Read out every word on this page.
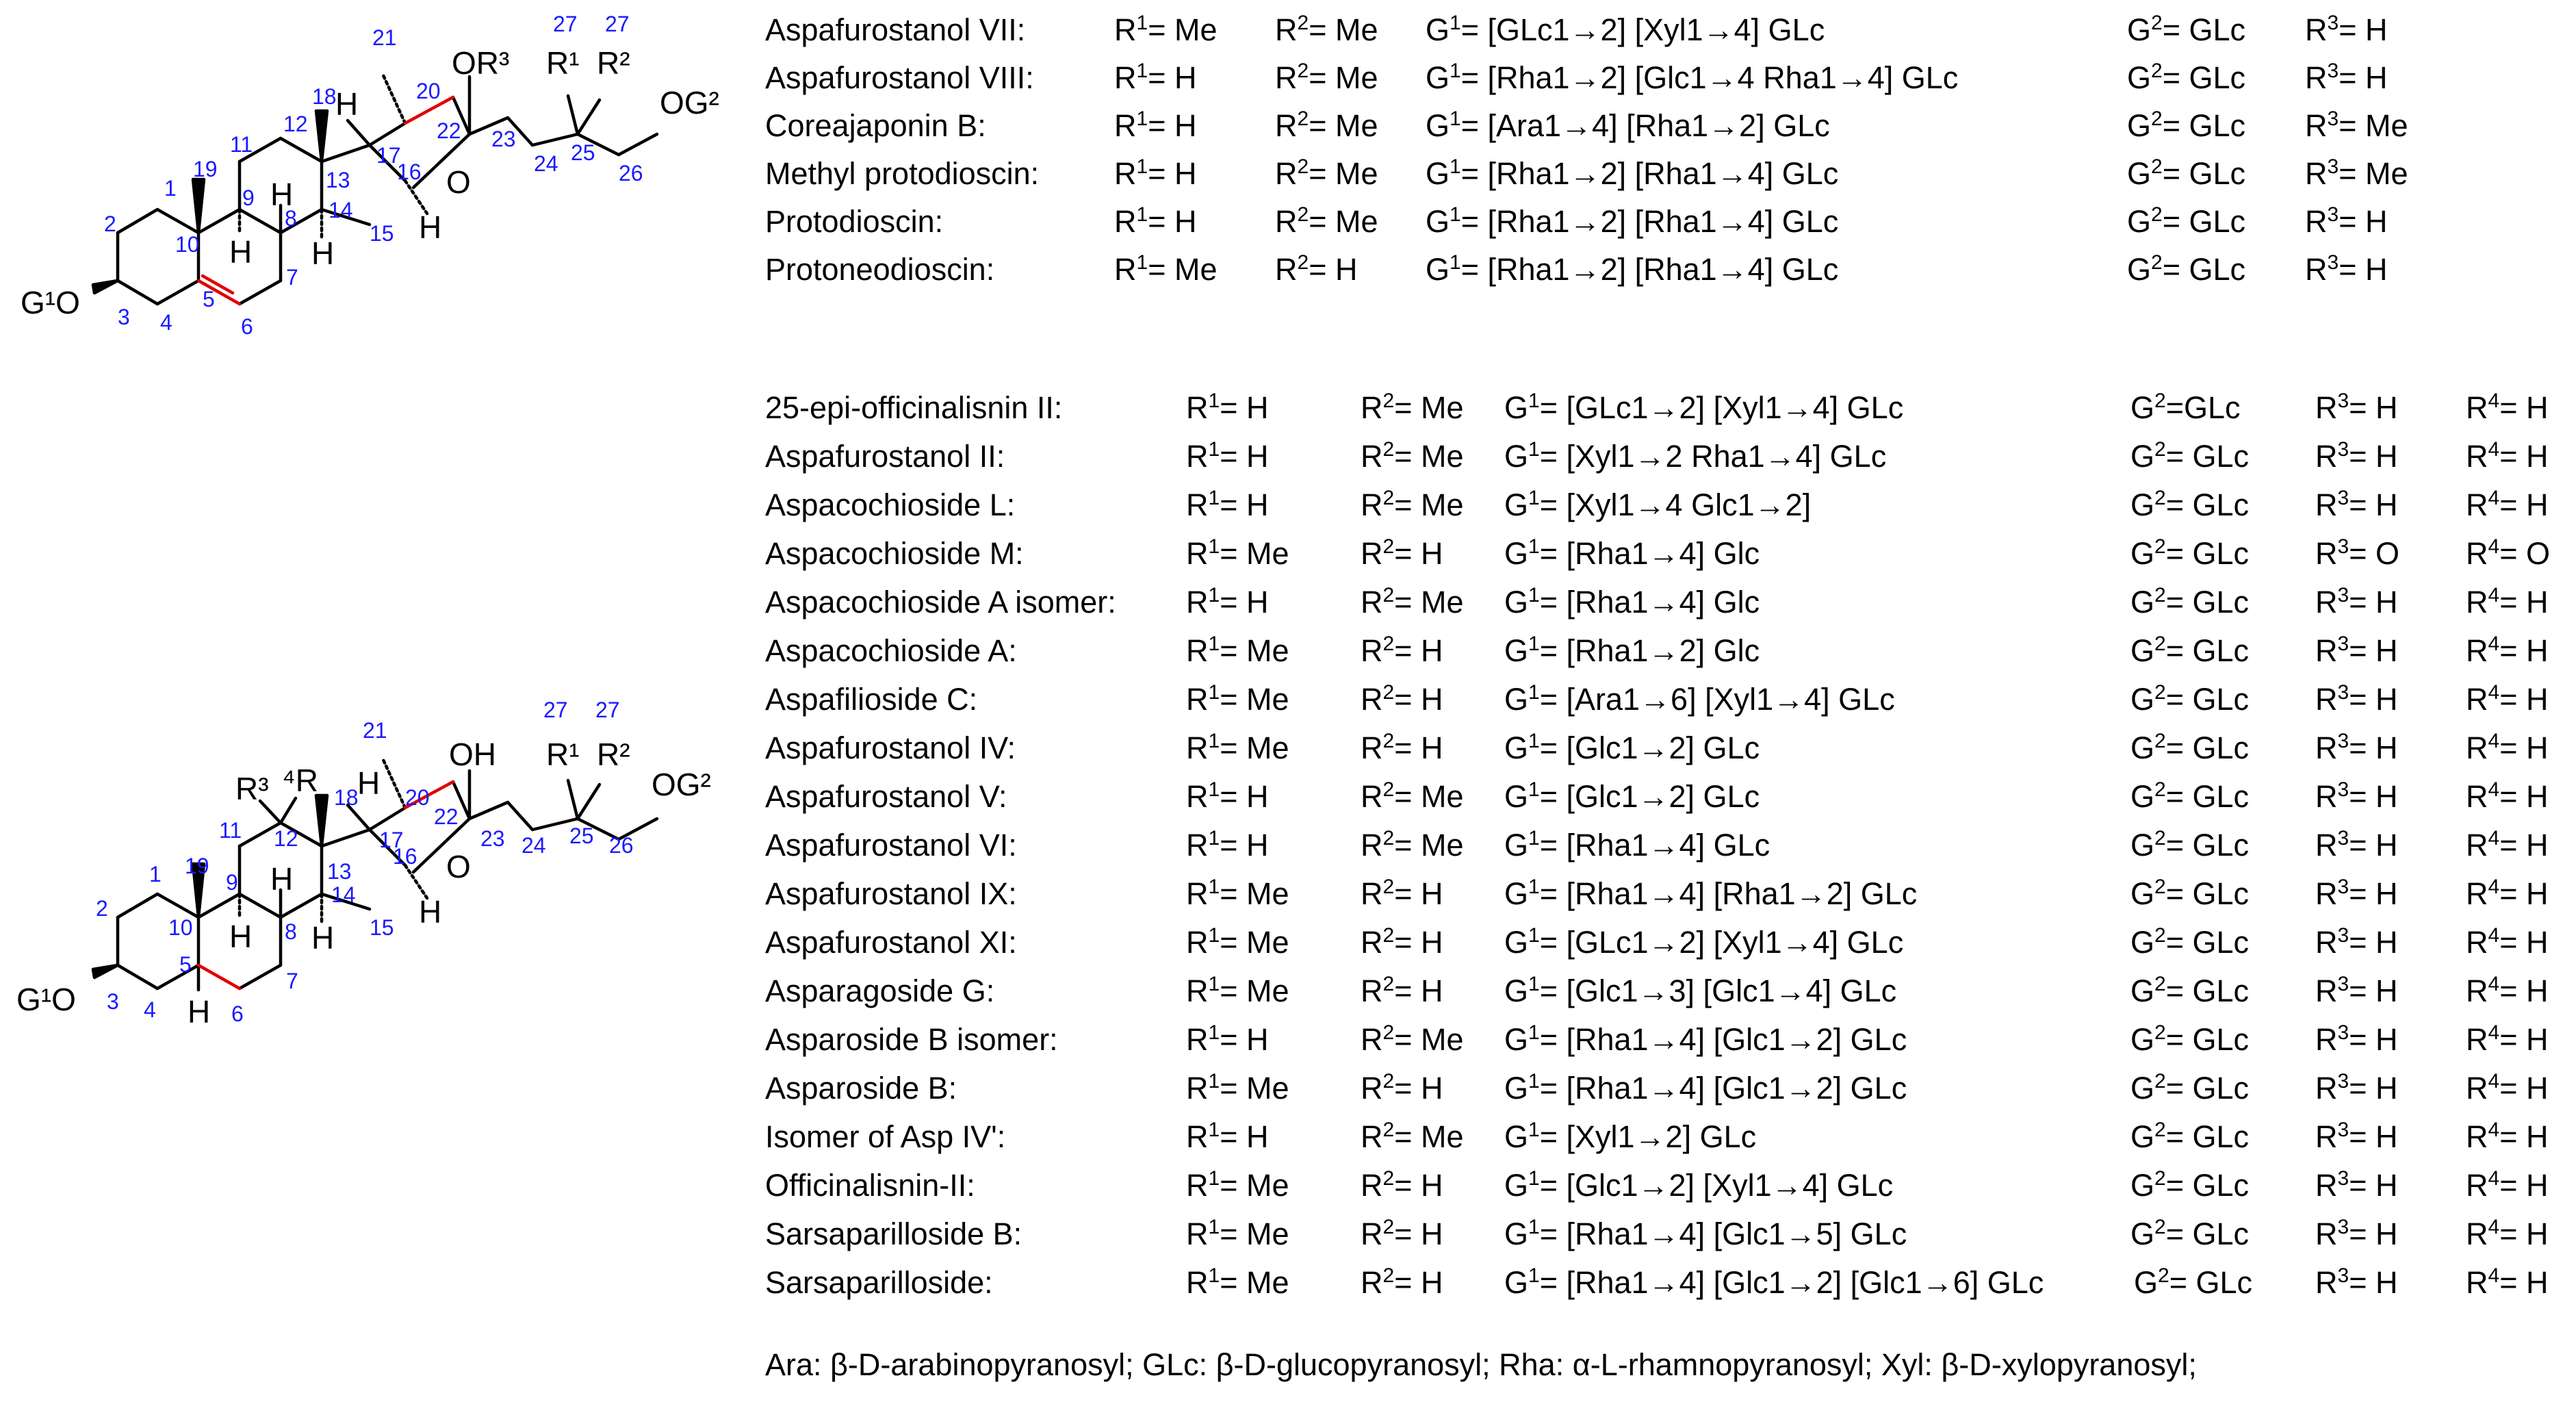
G¹O
H
H
H
H
H
O
OR³ R¹ R²
OG²
1
2
3 4
5
6
7
8
9
10
11
12
13
14
15
16
17
18
19
20
21
22 23
24 25
26
27 27
G¹O	H
H
H
H
H
H
O
OH
R³ ⁴R
R¹ R²
OG²
1
2
3 4
5
6
7
8
9
10
11 12
13
14
15
16
17
18
19
20
21
22
23 24 25 26
27 27
Aspafurostanol VII:	$R^1= Me$ $R^2= Me$ $G^1= [GLc1\to 2]$ [Xyl1→4] GLc	$G^2=$ GLc $R^3= H$
Aspafurostanol VIII:	$R^1= H$	$R^2= Me$ $G^1= [Rha1\to 2]$ [Glc1→4 Rha1→4] GLc	$G^2=$ GLc $R^3= H$
Coreajaponin B:	$R^1= H$	$R^2= Me$ $G^1= [Ara1\to 4]$ [Rha1→2] GLc	$G^2=$ GLc $R^3= Me$
Methyl protodioscin: $R^1= H$	$R^2= Me$ $G^1= [Rha1\to 2]$ [Rha1→4] GLc	$G^2=$ GLc $R^3= Me$
Protodioscin:	$R^1= H$	$R^2= Me$ $G^1= [Rha1\to 2]$ [Rha1→4] GLc	$G^2=$ GLc $R^3= H$
Protoneodioscin:	$R^1= Me$ $R^2= H$ $G^1= [Rha1\to 2]$ [Rha1→4] GLc	$G^2=$ GLc $R^3= H$
25-epi-officinalisnin II:	$R^1= H$	$R^2= Me$ $G^1= [GLc1\to 2]$ [Xyl1→4] GLc	$G^2=GLc$ $R^3= H$ $R^4= H$
Aspafurostanol II:	$R^1= H$	$R^2= Me$ $G^1= [Xyl1\to 2$ Rha1→4] GLc	$G^2=$ GLc $R^3= H$ $R^4= H$
Aspacochioside L:	$R^1= H$	$R^2= Me$ $G^1= [Xyl1\to 4$ Glc1→2]	$G^2=$ GLc $R^3= H$ $R^4= H$
Aspacochioside M:	$R^1= Me$ $R^2= H$ $G^1= [Rha1\to 4]$ Glc	$G^2=$ GLc $R^3= O$ $R^4= O$
Aspacochioside A isomer: $R^1= H$	$R^2= Me$ $G^1= [Rha1\to 4]$ Glc	$G^2=$ GLc $R^3= H$ $R^4= H$
Aspacochioside A:	$R^1= Me$ $R^2= H$ $G^1= [Rha1\to 2]$ Glc	$G^2=$ GLc $R^3= H$ $R^4= H$
Aspafilioside C:	$R^1= Me$ $R^2= H$ $G^1= [Ara1\to 6]$ [Xyl1→4] GLc	$G^2=$ GLc $R^3= H$ $R^4= H$
Aspafurostanol IV:	$R^1= Me$ $R^2= H$ $G^1= [Glc1\to 2]$ GLc	$G^2=$ GLc $R^3= H$ $R^4= H$
Aspafurostanol V:	$R^1= H$	$R^2= Me$ $G^1= [Glc1\to 2]$ GLc	$G^2=$ GLc $R^3= H$ $R^4= H$
Aspafurostanol VI:	$R^1= H$	$R^2= Me$ $G^1= [Rha1\to 4]$ GLc	$G^2=$ GLc $R^3= H$ $R^4= H$
Aspafurostanol IX:	$R^1= Me$ $R^2= H$ $G^1= [Rha1\to 4]$ [Rha1→2] GLc	$G^2=$ GLc $R^3= H$ $R^4= H$
Aspafurostanol XI:	$R^1= Me$ $R^2= H$ $G^1= [GLc1\to 2]$ [Xyl1→4] GLc	$G^2=$ GLc $R^3= H$ $R^4= H$
Asparagoside G:	$R^1= Me$ $R^2= H$ $G^1= [Glc1\to 3]$ [Glc1→4] GLc	$G^2=$ GLc $R^3= H$ $R^4= H$
Asparoside B isomer:	$R^1= H$	$R^2= Me$ $G^1= [Rha1\to 4]$ [Glc1→2] GLc	$G^2=$ GLc $R^3= H$ $R^4= H$
Asparoside B:	$R^1= Me$ $R^2= H$ $G^1= [Rha1\to 4]$ [Glc1→2] GLc	$G^2=$ GLc $R^3= H$ $R^4= H$
Isomer of Asp IV':	$R^1= H$	$R^2= Me$ $G^1= [Xyl1\to 2]$ GLc	$G^2=$ GLc $R^3= H$ $R^4= H$
Officinalisnin-II:	$R^1= Me$ $R^2= H$ $G^1= [Glc1\to 2]$ [Xyl1→4] GLc	$G^2=$ GLc $R^3= H$ $R^4= H$
Sarsaparilloside B:	$R^1= Me$ $R^2= H$ $G^1= [Rha1\to 4]$ [Glc1→5] GLc	$G^2=$ GLc $R^3= H$ $R^4= H$
Sarsaparilloside:	$R^1= Me$ $R^2= H$ $G^1= [Rha1\to 4]$ [Glc1→2] [Glc1→6] GLc	$G^2=$ GLc $R^3= H$ $R^4= H$
Ara: β-D-arabinopyranosyl; GLc: β-D-glucopyranosyl; Rha: α-L-rhamnopyranosyl; Xyl: β-D-xylopyranosyl;
